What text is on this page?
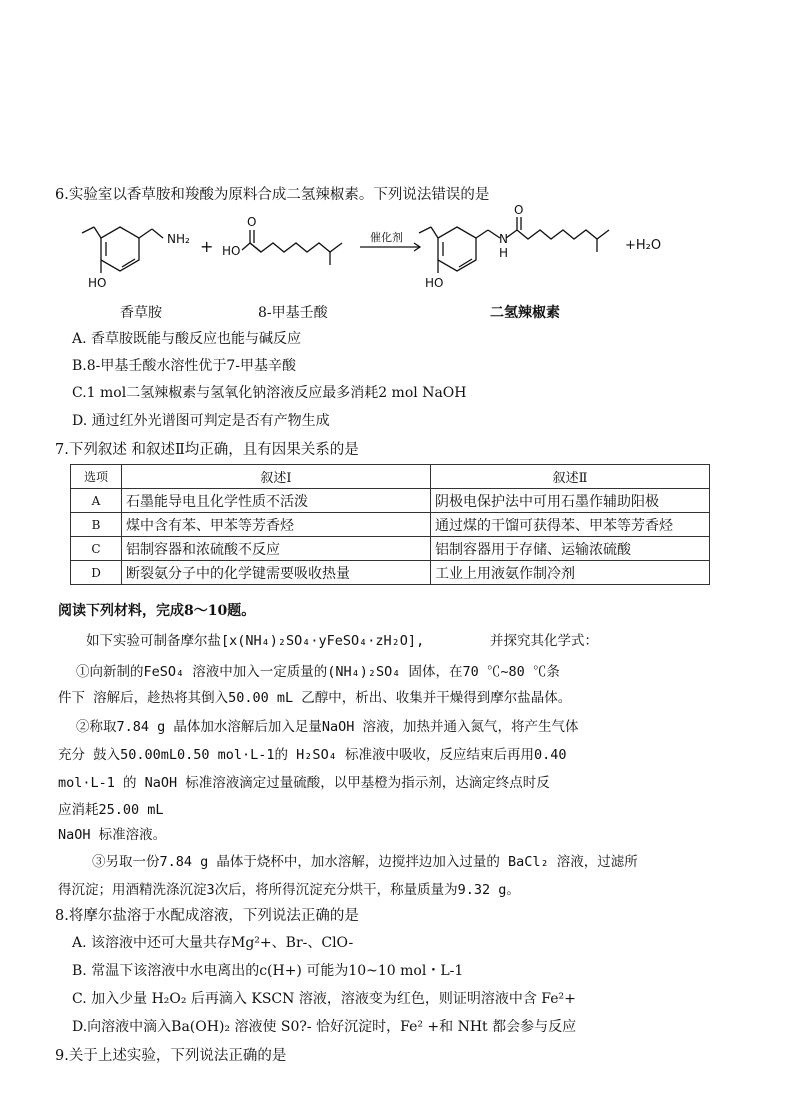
6.实验室以香草胺和羧酸为原料合成二氢辣椒素。下列说法错误的是
NH₂
HO
+
O
HO
催化剂
O
N
H
HO
+H₂O
香草胺	8-甲基壬酸	二氢辣椒素
A. 香草胺既能与酸反应也能与碱反应
B.8-甲基壬酸水溶性优于7-甲基辛酸
C.1 mol二氢辣椒素与氢氧化钠溶液反应最多消耗2 mol NaOH
D. 通过红外光谱图可判定是否有产物生成
7.下列叙述 和叙述Ⅱ均正确，且有因果关系的是
选项	叙述I	叙述Ⅱ
A	石墨能导电且化学性质不活泼	阴极电保护法中可用石墨作辅助阳极
B	煤中含有苯、甲苯等芳香烃	通过煤的干馏可获得苯、甲苯等芳香烃
C	铝制容器和浓硫酸不反应	铝制容器用于存储、运输浓硫酸
D	断裂氨分子中的化学键需要吸收热量	工业上用液氨作制冷剂
阅读下列材料，完成8～10题。
如下实验可制备摩尔盐[x(NH₄)₂SO₄·yFeSO₄·zH₂O],	并探究其化学式：
①向新制的FeSO₄ 溶液中加入一定质量的(NH₄)₂SO₄ 固体，在70 ℃~80 ℃条
件下 溶解后，趁热将其倒入50.00 mL 乙醇中，析出、收集并干燥得到摩尔盐晶体。
②称取7.84 g 晶体加水溶解后加入足量NaOH 溶液，加热并通入氮气，将产生气体
充分 鼓入50.00mL0.50 mol·L-1的 H₂SO₄ 标准液中吸收，反应结束后再用0.40
mol·L-1 的 NaOH 标准溶液滴定过量硫酸，以甲基橙为指示剂，达滴定终点时反
应消耗25.00 mL
NaOH 标准溶液。
③另取一份7.84 g 晶体于烧杯中，加水溶解，边搅拌边加入过量的 BaCl₂ 溶液，过滤所
得沉淀；用酒精洗涤沉淀3次后，将所得沉淀充分烘干，称量质量为9.32 g。
8.将摩尔盐溶于水配成溶液，下列说法正确的是
A. 该溶液中还可大量共存Mg²+、Br-、ClO-
B. 常温下该溶液中水电离出的c(H+) 可能为10~10 mol・L-1
C. 加入少量 H₂O₂ 后再滴入 KSCN 溶液，溶液变为红色，则证明溶液中含 Fe²+
D.向溶液中滴入Ba(OH)₂ 溶液使 S0?- 恰好沉淀时，Fe² +和 NHt 都会参与反应
9.关于上述实验，下列说法正确的是
